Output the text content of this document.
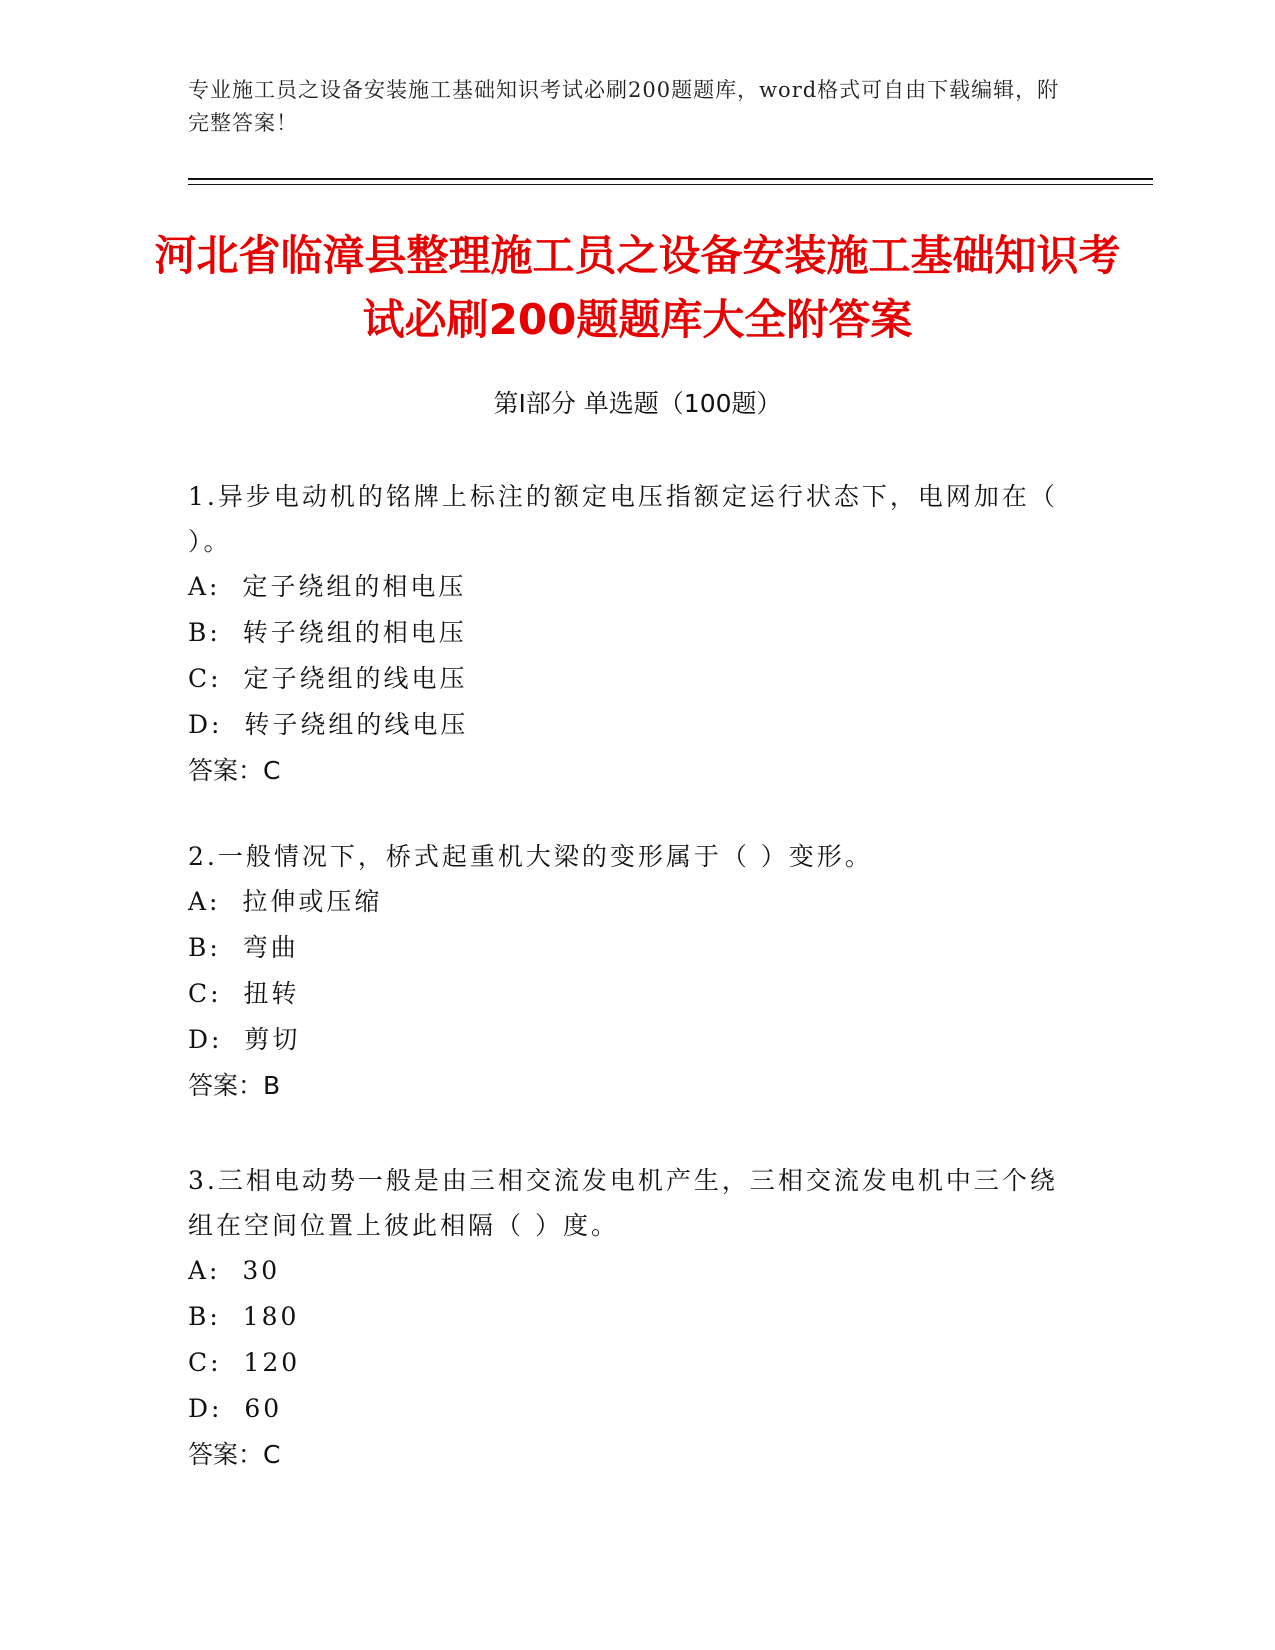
专业施工员之设备安装施工基础知识考试必刷200题题库，word格式可自由下载编辑，附完整答案！
河北省临漳县整理施工员之设备安装施工基础知识考试必刷200题题库大全附答案
第Ⅰ部分 单选题（100题）

1.异步电动机的铭牌上标注的额定电压指额定运行状态下，电网加在（ ）。

A:  定子绕组的相电压

B:  转子绕组的相电压

C:  定子绕组的线电压

D:  转子绕组的线电压

答案：C

2.一般情况下，桥式起重机大梁的变形属于（ ）变形。

A:  拉伸或压缩

B:  弯曲

C:  扭转

D:  剪切

答案：B

3.三相电动势一般是由三相交流发电机产生，三相交流发电机中三个绕组在空间位置上彼此相隔（ ）度。

A:  30

B:  180

C:  120

D:  60

答案：C
